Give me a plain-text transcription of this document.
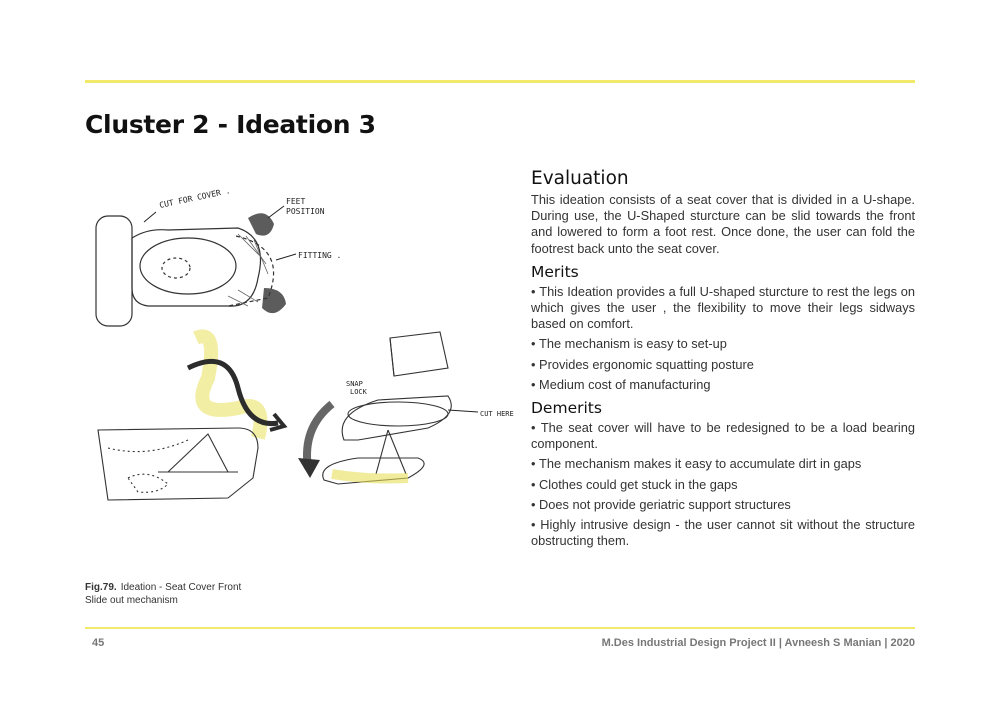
Cluster 2 - Ideation 3
CUT FOR COVER .	FEET
POSITION
FITTING .
SNAP
LOCK
CUT HERE
Fig.79. Ideation - Seat Cover Front
Slide out mechanism
Evaluation

This ideation consists of a seat cover that is divided in a U-shape. During use, the U-Shaped sturcture can be slid towards the front and lowered to form a foot rest. Once done, the user can fold the footrest back unto the seat cover.

Merits
• This Ideation provides a full U-shaped sturcture to rest the legs on which gives the user , the flexibility to move their legs sidways based on comfort.
• The mechanism is easy to set-up
• Provides ergonomic squatting posture
• Medium cost of manufacturing
Demerits
• The seat cover will have to be redesigned to be a load bearing component.
• The mechanism makes it easy to accumulate dirt in gaps
• Clothes could get stuck in the gaps
• Does not provide geriatric support structures
• Highly intrusive design - the user cannot sit without the structure obstructing them.
45	M.Des Industrial Design Project II | Avneesh S Manian | 2020
